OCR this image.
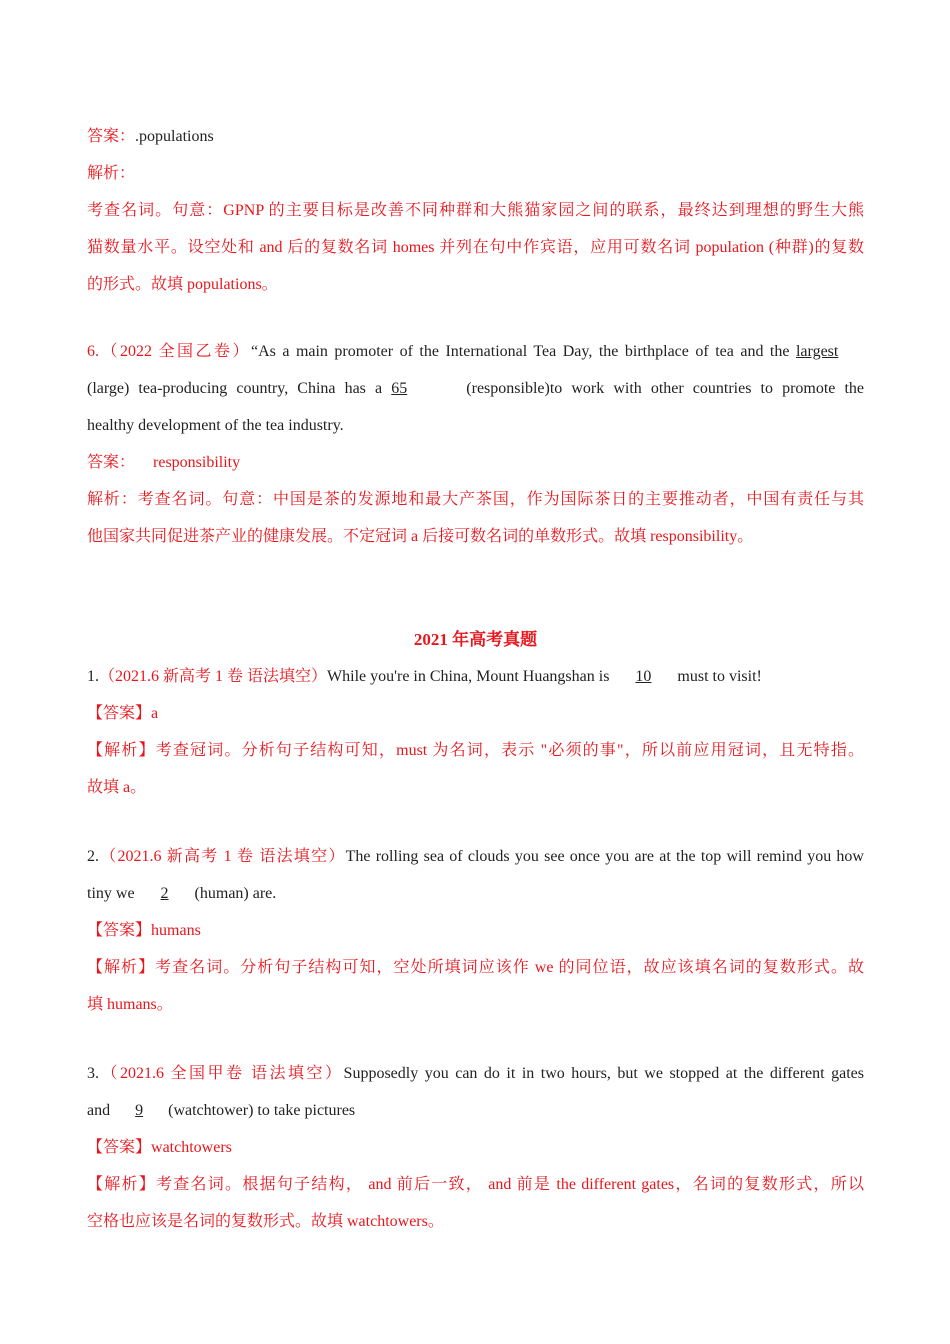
答案：.populations
解析：
考查名词。句意：GPNP 的主要目标是改善不同种群和大熊猫家园之间的联系，最终达到理想的野生大熊
猫数量水平。设空处和 and 后的复数名词 homes 并列在句中作宾语，应用可数名词 population (种群)的复数
的形式。故填 populations。
6.（2022 全国乙卷）“As a main promoter of the International Tea Day, the birthplace of tea and the largest
(large) tea-producing country, China has a 65	(responsible)to work with other countries to promote the
healthy development of the tea industry.
答案： responsibility
解析：考查名词。句意：中国是茶的发源地和最大产茶国，作为国际茶日的主要推动者，中国有责任与其
他国家共同促进茶产业的健康发展。不定冠词 a 后接可数名词的单数形式。故填 responsibility。
2021 年高考真题
1.（2021.6 新高考 1 卷 语法填空）While you're in China, Mount Huangshan is 10 must to visit!
【答案】a
【解析】考查冠词。分析句子结构可知，must 为名词，表示 "必须的事"，所以前应用冠词，且无特指。
故填 a。
2.（2021.6 新高考 1 卷 语法填空）The rolling sea of clouds you see once you are at the top will remind you how
tiny we 2 (human) are.
【答案】humans
【解析】考查名词。分析句子结构可知，空处所填词应该作 we 的同位语，故应该填名词的复数形式。故
填 humans。
3.（2021.6 全国甲卷 语法填空）Supposedly you can do it in two hours, but we stopped at the different gates
and 9 (watchtower) to take pictures
【答案】watchtowers
【解析】考查名词。根据句子结构， and 前后一致， and 前是 the different gates，名词的复数形式，所以
空格也应该是名词的复数形式。故填 watchtowers。
